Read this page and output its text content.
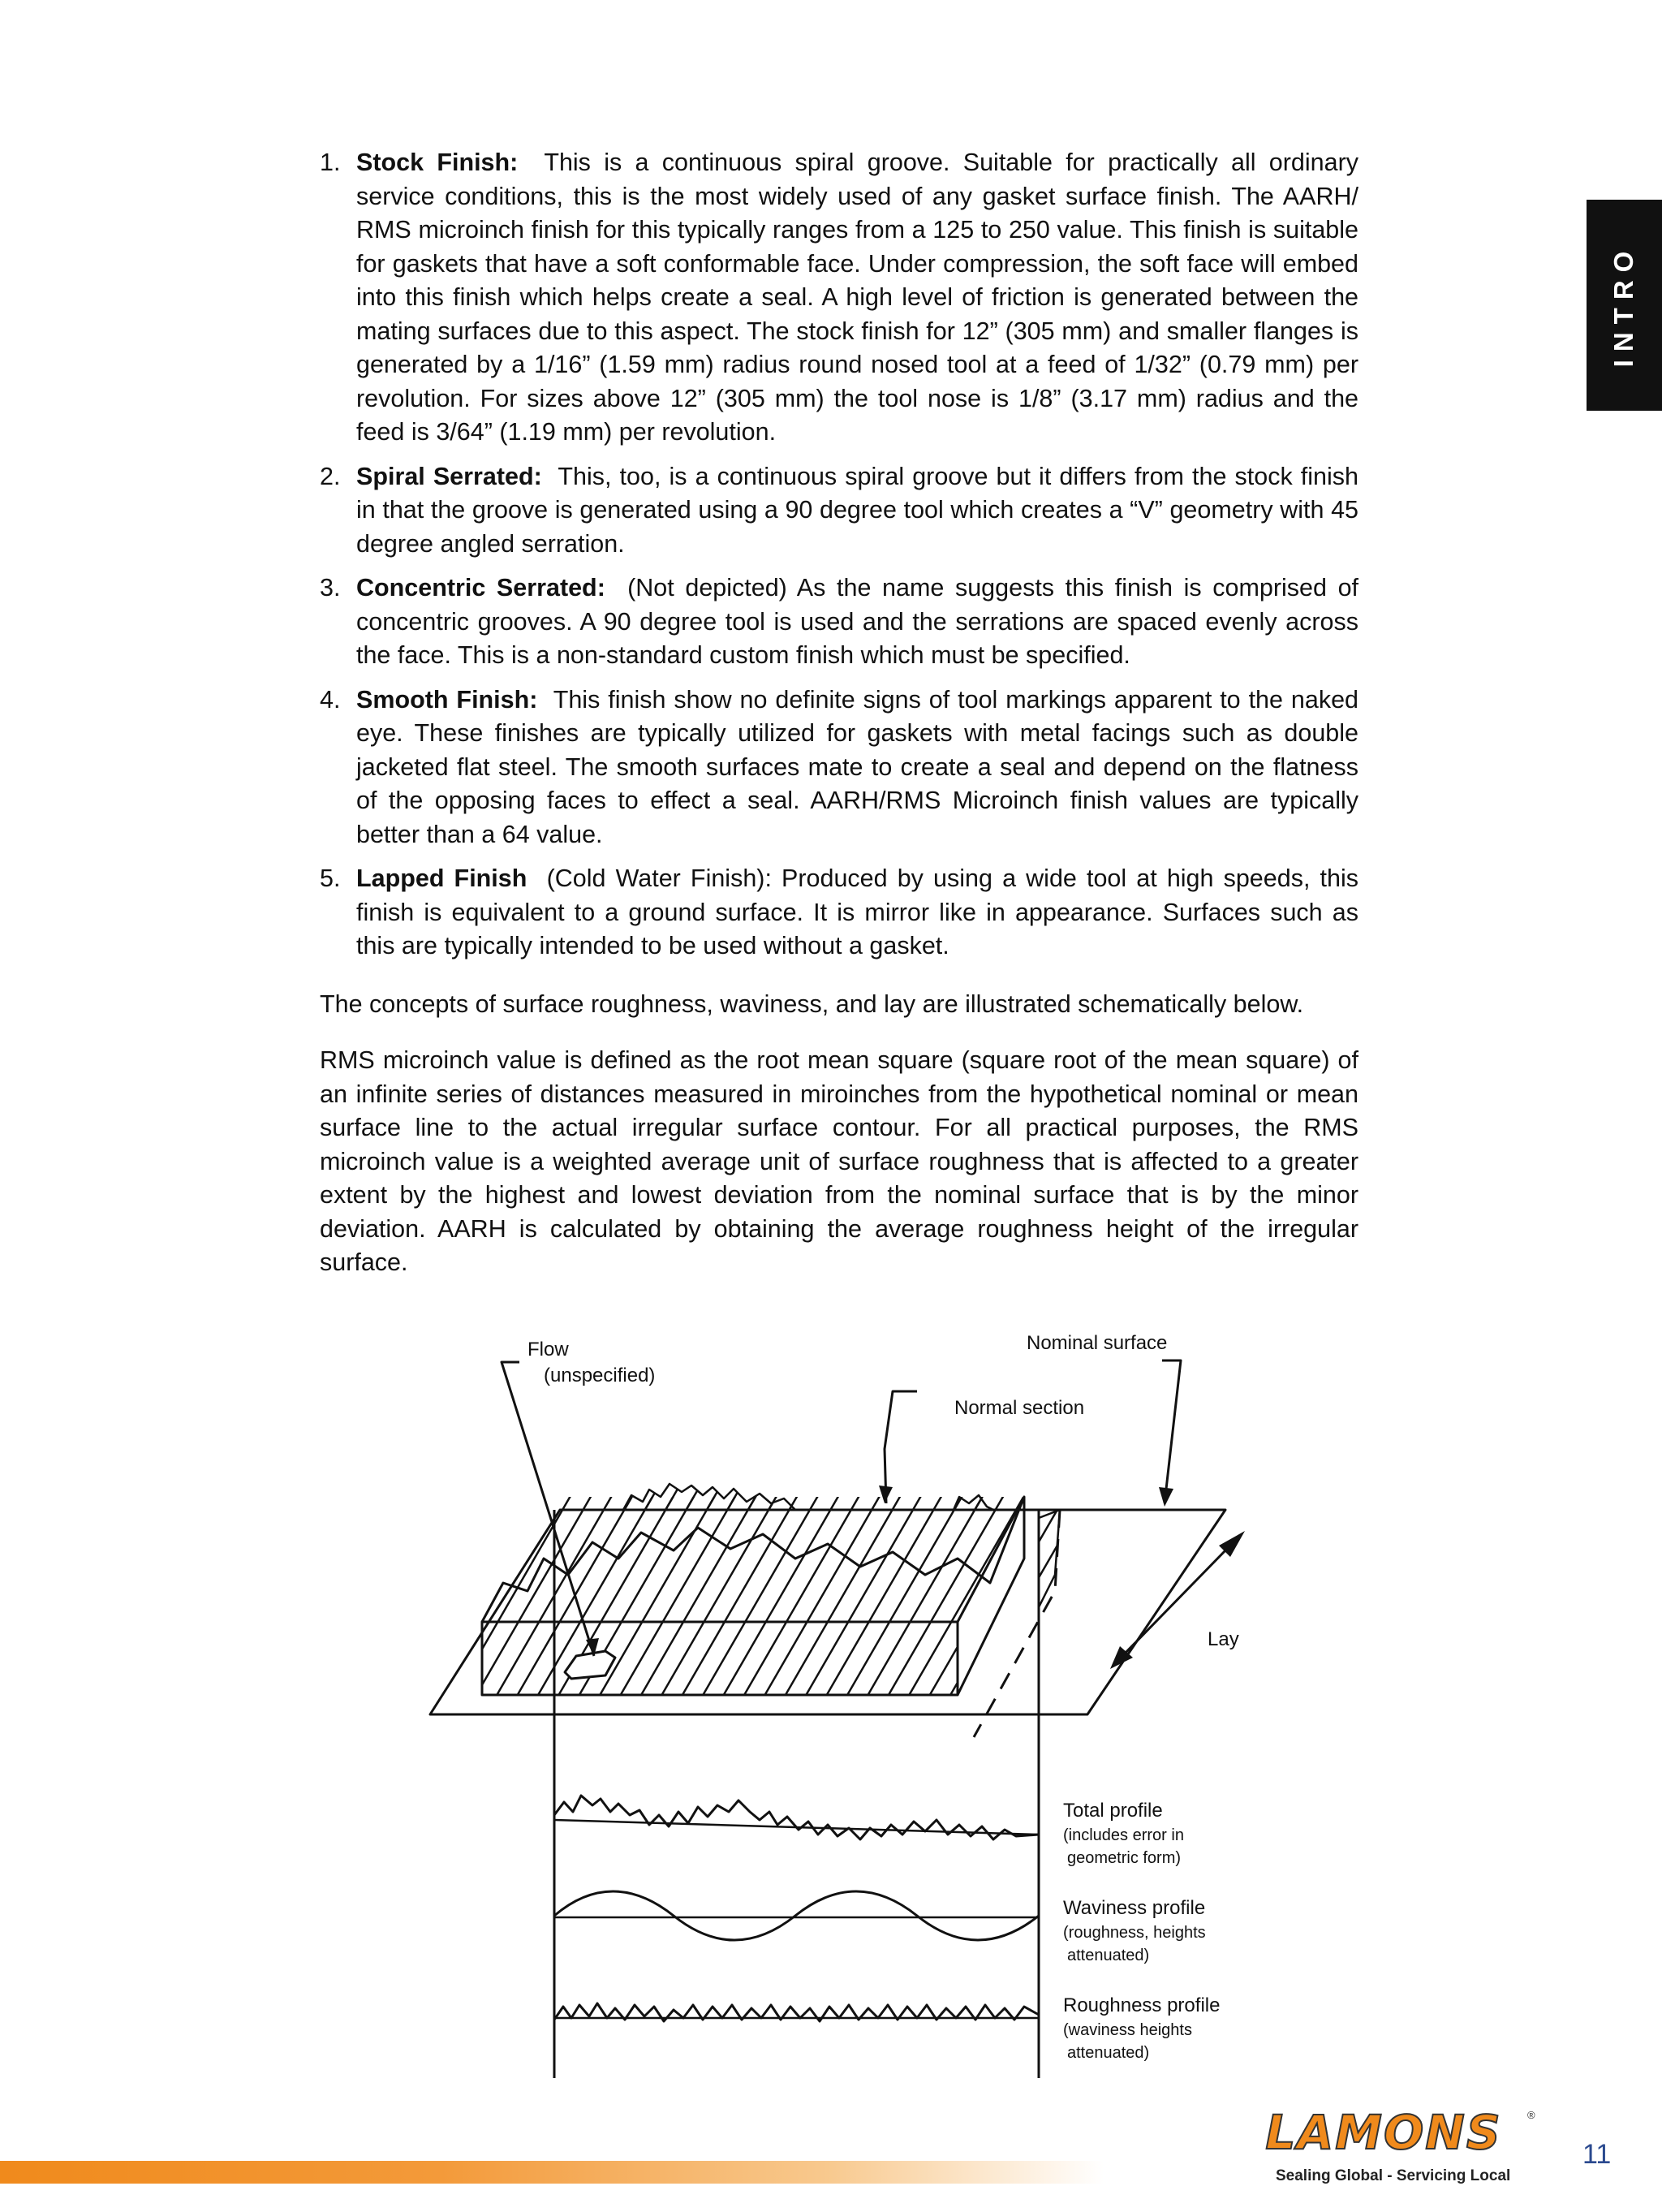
INTRO
1. Stock Finish: This is a continuous spiral groove. Suitable for practically all ordinary service conditions, this is the most widely used of any gasket surface finish. The AARH/ RMS microinch finish for this typically ranges from a 125 to 250 value. This finish is suitable for gaskets that have a soft conformable face. Under compression, the soft face will embed into this finish which helps create a seal. A high level of friction is generated between the mating surfaces due to this aspect. The stock finish for 12” (305 mm) and smaller flanges is generated by a 1/16” (1.59 mm) radius round nosed tool at a feed of 1/32” (0.79 mm) per revolution. For sizes above 12” (305 mm) the tool nose is 1/8” (3.17 mm) radius and the feed is 3/64” (1.19 mm) per revolution.
2. Spiral Serrated: This, too, is a continuous spiral groove but it differs from the stock finish in that the groove is generated using a 90 degree tool which creates a “V” geometry with 45 degree angled serration.
3. Concentric Serrated: (Not depicted) As the name suggests this finish is comprised of concentric grooves. A 90 degree tool is used and the serrations are spaced evenly across the face. This is a non-standard custom finish which must be specified.
4. Smooth Finish: This finish show no definite signs of tool markings apparent to the naked eye. These finishes are typically utilized for gaskets with metal facings such as double jacketed flat steel. The smooth surfaces mate to create a seal and depend on the flatness of the opposing faces to effect a seal. AARH/RMS Microinch finish values are typically better than a 64 value.
5. Lapped Finish (Cold Water Finish): Produced by using a wide tool at high speeds, this finish is equivalent to a ground surface. It is mirror like in appearance. Surfaces such as this are typically intended to be used without a gasket.

The concepts of surface roughness, waviness, and lay are illustrated schematically below.

RMS microinch value is defined as the root mean square (square root of the mean square) of an infinite series of distances measured in miroinches from the hypothetical nominal or mean surface line to the actual irregular surface contour. For all practical purposes, the RMS microinch value is a weighted average unit of surface roughness that is affected to a greater extent by the highest and lowest deviation from the nominal surface that is by the minor deviation. AARH is calculated by obtaining the average roughness height of the irregular surface.

Flow
(unspecified)
Nominal surface
Normal section
Lay
Total profile
(includes error in
geometric form)
Waviness profile
(roughness, heights
attenuated)
Roughness profile
(waviness heights
attenuated)
LAMONS	®
Sealing Global - Servicing Local
11
